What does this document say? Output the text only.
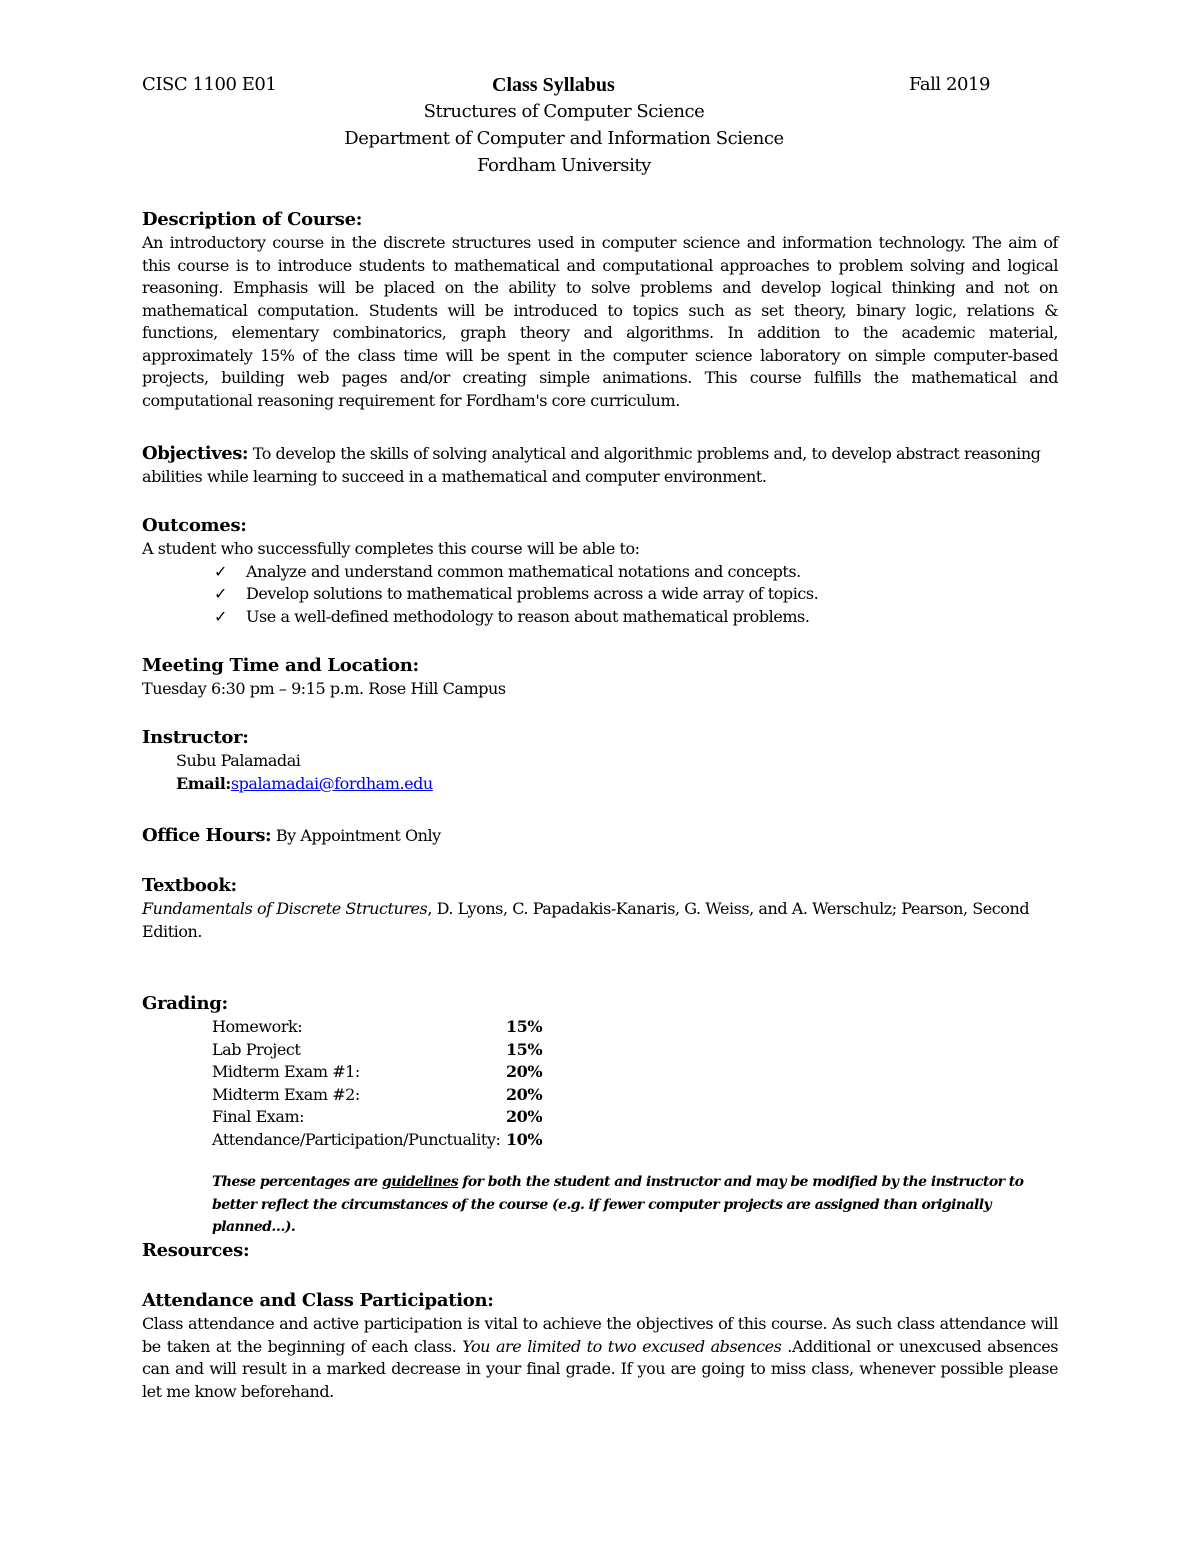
CISC 1100 E01	Class Syllabus	Fall 2019
Structures of Computer Science
Department of Computer and Information Science
Fordham University
Description of Course:

An introductory course in the discrete structures used in computer science and information technology. The aim of this course is to introduce students to mathematical and computational approaches to problem solving and logical reasoning. Emphasis will be placed on the ability to solve problems and develop logical thinking and not on mathematical computation. Students will be introduced to topics such as set theory, binary logic, relations & functions, elementary combinatorics, graph theory and algorithms. In addition to the academic material, approximately 15% of the class time will be spent in the computer science laboratory on simple computer-based projects, building web pages and/or creating simple animations. This course fulfills the mathematical and computational reasoning requirement for Fordham's core curriculum.

Objectives: To develop the skills of solving analytical and algorithmic problems and, to develop abstract reasoning abilities while learning to succeed in a mathematical and computer environment.

Outcomes:

A student who successfully completes this course will be able to:

✓ Analyze and understand common mathematical notations and concepts.
✓ Develop solutions to mathematical problems across a wide array of topics.
✓ Use a well-defined methodology to reason about mathematical problems.
Meeting Time and Location:

Tuesday 6:30 pm – 9:15 p.m. Rose Hill Campus

Instructor:

Subu Palamadai

Email:spalamadai@fordham.edu

Office Hours: By Appointment Only

Textbook:

Fundamentals of Discrete Structures, D. Lyons, C. Papadakis-Kanaris, G. Weiss, and A. Werschulz; Pearson, Second Edition.

Grading:
Homework:	15%
Lab Project	15%
Midterm Exam #1:	20%
Midterm Exam #2:	20%
Final Exam:	20%
Attendance/Participation/Punctuality:	10%

These percentages are guidelines for both the student and instructor and may be modified by the instructor to better reflect the circumstances of the course (e.g. if fewer computer projects are assigned than originally planned…).

Resources:
Attendance and Class Participation:

Class attendance and active participation is vital to achieve the objectives of this course. As such class attendance will be taken at the beginning of each class. You are limited to two excused absences .Additional or unexcused absences can and will result in a marked decrease in your final grade. If you are going to miss class, whenever possible please let me know beforehand.
